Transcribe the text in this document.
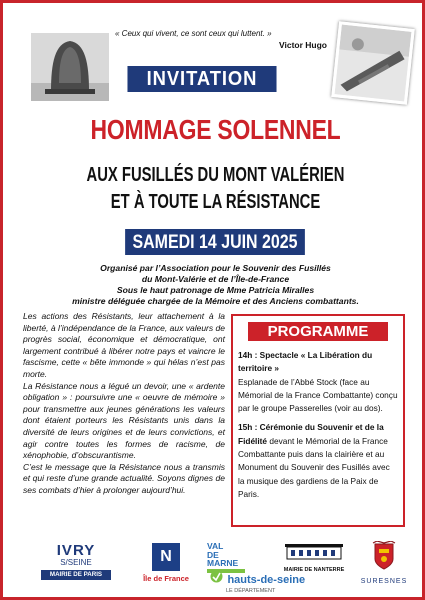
« Ceux qui vivent, ce sont ceux qui luttent. »
Victor Hugo
INVITATION
HOMMAGE SOLENNEL
AUX FUSILLÉS DU MONT VALÉRIEN
ET À TOUTE LA RÉSISTANCE
SAMEDI 14 JUIN 2025
Organisé par l’Association pour le Souvenir des Fusillés
du Mont-Valérie et de l’Île-de-France
Sous le haut patronage de Mme Patricia Miralles
ministre déléguée chargée de la Mémoire et des Anciens combattants.

Les actions des Résistants, leur attachement à la liberté, à l’indépendance de la France, aux valeurs de progrès social, économique et démocratique, ont largement contribué à libérer notre pays et vaincre le fascisme, cette « bête immonde » qui hélas n’est pas morte.

La Résistance nous a légué un devoir, une « ardente obligation » : poursuivre une « oeuvre de mémoire » pour transmettre aux jeunes générations les valeurs dont étaient porteurs les Résistants unis dans la diversité de leurs origines et de leurs convictions, et agir contre toutes les formes de racisme, de xénophobie, d’obscurantisme.

C’est le message que la Résistance nous a transmis et qui reste d’une grande actualité. Soyons dignes de ses combats d’hier à prolonger aujourd’hui.

PROGRAMME
14h : Spectacle « La Libération du territoire »
Esplanade de l’Abbé Stock (face au Mémorial de la France Combattante) conçu par le groupe Passerelles (voir au dos).
15h : Cérémonie du Souvenir et de la Fidélité devant le Mémorial de la France Combattante puis dans la clairière et au Monument du Souvenir des Fusillés avec la musique des gardiens de la Paix de Paris.
IVRY
S/SEINE
MAIRIE DE PARIS
N
Île de France
VAL
DE
MARNE
hauts-de-seine
LE DÉPARTEMENT
MAIRIE DE NANTERRE
SURESNES
